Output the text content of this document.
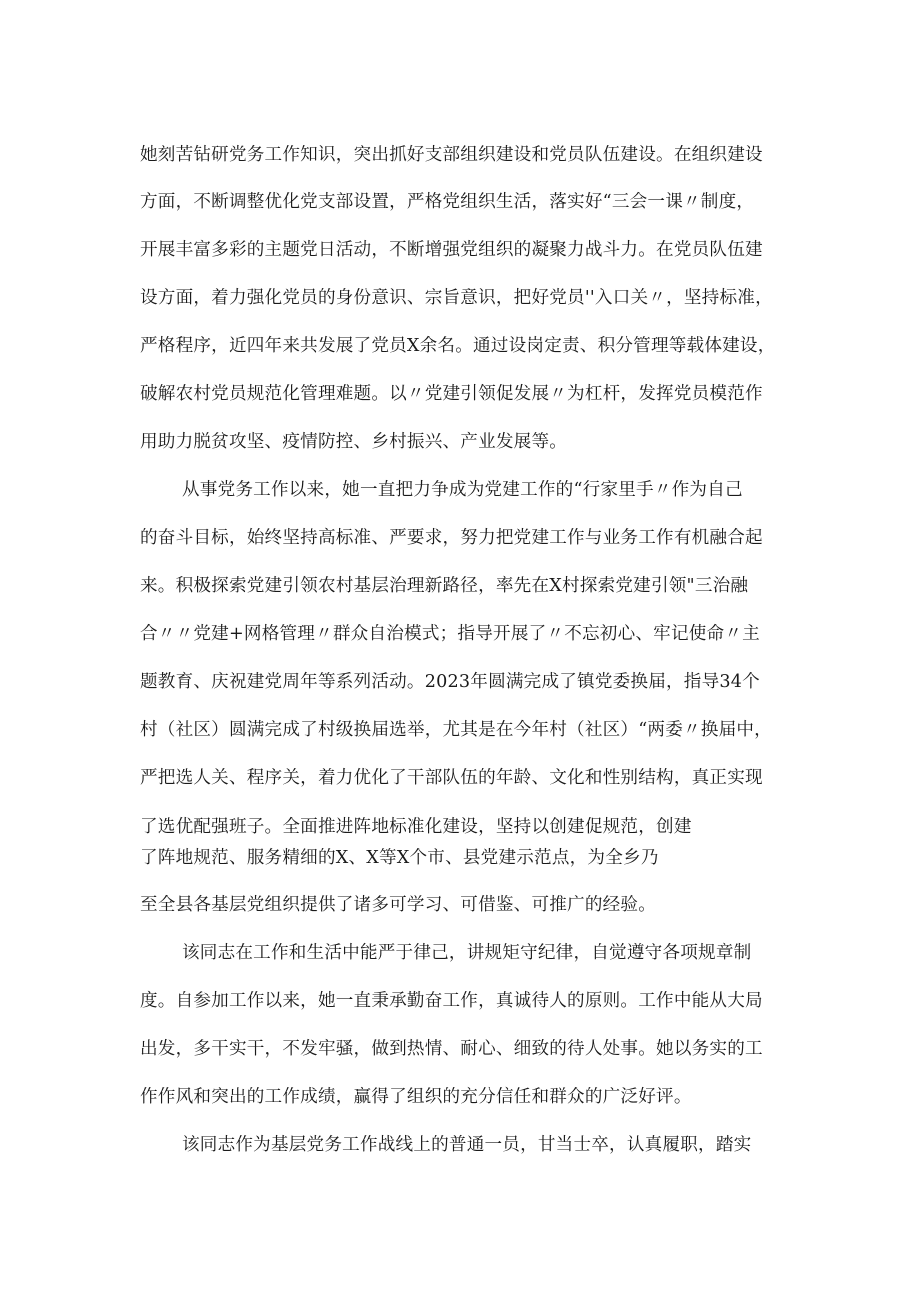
她刻苦钻研党务工作知识，突出抓好支部组织建设和党员队伍建设。在组织建设
方面，不断调整优化党支部设置，严格党组织生活，落实好“三会一课〃制度，
开展丰富多彩的主题党日活动，不断增强党组织的凝聚力战斗力。在党员队伍建
设方面，着力强化党员的身份意识、宗旨意识，把好党员''入口关〃，坚持标准，
严格程序，近四年来共发展了党员X余名。通过设岗定责、积分管理等载体建设，
破解农村党员规范化管理难题。以〃党建引领促发展〃为杠杆，发挥党员模范作
用助力脱贫攻坚、疫情防控、乡村振兴、产业发展等。
从事党务工作以来，她一直把力争成为党建工作的“行家里手〃作为自己
的奋斗目标，始终坚持高标准、严要求，努力把党建工作与业务工作有机融合起
来。积极探索党建引领农村基层治理新路径，率先在X村探索党建引领"三治融
合〃〃党建+网格管理〃群众自治模式；指导开展了〃不忘初心、牢记使命〃主
题教育、庆祝建党周年等系列活动。2023年圆满完成了镇党委换届，指导34个
村（社区）圆满完成了村级换届选举，尤其是在今年村（社区）“两委〃换届中，
严把选人关、程序关，着力优化了干部队伍的年龄、文化和性别结构，真正实现
了选优配强班子。全面推进阵地标准化建设，坚持以创建促规范，创建
了阵地规范、服务精细的X、X等X个市、县党建示范点，为全乡乃
至全县各基层党组织提供了诸多可学习、可借鉴、可推广的经验。
该同志在工作和生活中能严于律己，讲规矩守纪律，自觉遵守各项规章制
度。自参加工作以来，她一直秉承勤奋工作，真诚待人的原则。工作中能从大局
出发，多干实干，不发牢骚，做到热情、耐心、细致的待人处事。她以务实的工
作作风和突出的工作成绩，赢得了组织的充分信任和群众的广泛好评。
该同志作为基层党务工作战线上的普通一员，甘当士卒，认真履职，踏实
